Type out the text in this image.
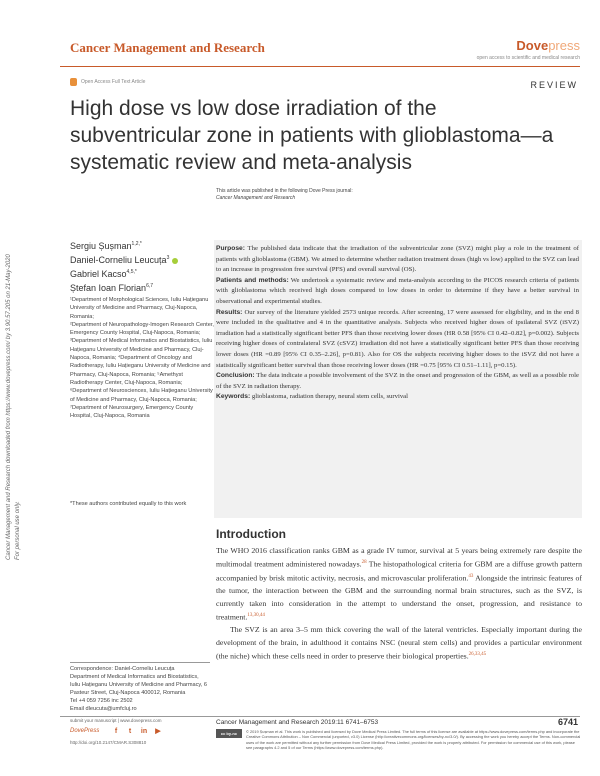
Cancer Management and Research	Dovepress
open access to scientific and medical research
Open Access Full Text Article	REVIEW
High dose vs low dose irradiation of the subventricular zone in patients with glioblastoma—a systematic review and meta-analysis
This article was published in the following Dove Press journal:
Cancer Management and Research
Cancer Management and Research downloaded from https://www.dovepress.com/ by 3.90.57.205 on 21-May-2020 For personal use only.
Sergiu Șușman$^{1,2,*}$
Daniel-Corneliu Leucuța$^3$
Gabriel Kacso$^{4,5,*}$
Ștefan Ioan Florian$^{6,7}$

¹Department of Morphological Sciences, Iuliu Hațieganu University of Medicine and Pharmacy, Cluj-Napoca, Romania;

²Department of Neuropathology-Imogen Research Center, Emergency County Hospital, Cluj-Napoca, Romania;

³Department of Medical Informatics and Biostatistics, Iuliu Hațieganu University of Medicine and Pharmacy, Cluj-Napoca, Romania; ⁴Department of Oncology and Radiotherapy, Iuliu Hațieganu University of Medicine and Pharmacy, Cluj-Napoca, Romania; ⁵Amethyst Radiotherapy Center, Cluj-Napoca, Romania;

⁶Department of Neurosciences, Iuliu Hațieganu University of Medicine and Pharmacy, Cluj-Napoca, Romania;

⁷Department of Neurosurgery, Emergency County Hospital, Cluj-Napoca, Romania

*These authors contributed equally to this work

Purpose: The published data indicate that the irradiation of the subventricular zone (SVZ) might play a role in the treatment of patients with glioblastoma (GBM). We aimed to determine whether radiation treatment doses (high vs low) applied to the SVZ can lead to an increase in progression free survival (PFS) and overall survival (OS).

Patients and methods: We undertook a systematic review and meta-analysis according to the PICOS research criteria of patients with glioblastoma which received high doses compared to low doses in order to determine if they have a better survival in observational and experimental studies.

Results: Our survey of the literature yielded 2573 unique records. After screening, 17 were assessed for eligibility, and in the end 8 were included in the qualitative and 4 in the quantitative analysis. Subjects who received higher doses of ipsilateral SVZ (iSVZ) irradiation had a statistically significant better PFS than those receiving lower doses (HR 0.58 [95% CI 0.42–0.82], p=0.002). Subjects receiving higher doses of contralateral SVZ (cSVZ) irradiation did not have a statistically significant better PFS than those receiving lower doses (HR =0.89 [95% CI 0.35–2.26], p=0.81). Also for OS the subjects receiving higher doses to the iSVZ did not have a statistically significant better survival than those receiving lower doses (HR =0.75 [95% CI 0.51–1.11], p=0.15).

Conclusion: The data indicate a possible involvement of the SVZ in the onset and progression of the GBM, as well as a possible role of the SVZ in radiation therapy.

Keywords: glioblastoma, radiation therapy, neural stem cells, survival

Introduction

The WHO 2016 classification ranks GBM as a grade IV tumor, survival at 5 years being extremely rare despite the multimodal treatment administered nowadays.$^{28}$ The histopathological criteria for GBM are a diffuse growth pattern accompanied by brisk mitotic activity, necrosis, and microvascular proliferation.$^{43}$ Alongside the intrinsic features of the tumor, the interaction between the GBM and the surrounding normal brain structures, such as the SVZ, is currently taken into consideration in the attempt to understand the onset, progression, and resistance to treatment.$^{13,30,44}$

The SVZ is an area 3–5 mm thick covering the wall of the lateral ventricles. Especially important during the development of the brain, in adulthood it contains NSC (neural stem cells) and provides a particular environment (the niche) which these cells need in order to preserve their biological properties.$^{26,33,45}$

Correspondence: Daniel-Corneliu Leucuța
Department of Medical Informatics and Biostatistics, Iuliu Hațieganu University of Medicine and Pharmacy, 6 Pasteur Street, Cluj-Napoca 400012, Romania
Tel +4 059 7256 inc 2502
Email dleucuta@umfcluj.ro
submit your manuscript | www.dovepress.com
DovePress	f	t	in ▶
http://doi.org/10.2147/CMAR.S308810
Cancer Management and Research 2019:11 6741–6753	6741
cc by-nc	© 2019 Șușman et al. This work is published and licensed by Dove Medical Press Limited. The full terms of this license are available at https://www.dovepress.com/terms.php and incorporate the Creative Commons Attribution – Non Commercial (unported, v3.0) License (http://creativecommons.org/licenses/by-nc/3.0/). By accessing the work you hereby accept the Terms. Non-commercial uses of the work are permitted without any further permission from Dove Medical Press Limited, provided the work is properly attributed. For permission for commercial use of this work, please see paragraphs 4.2 and 5 of our Terms (https://www.dovepress.com/terms.php).
